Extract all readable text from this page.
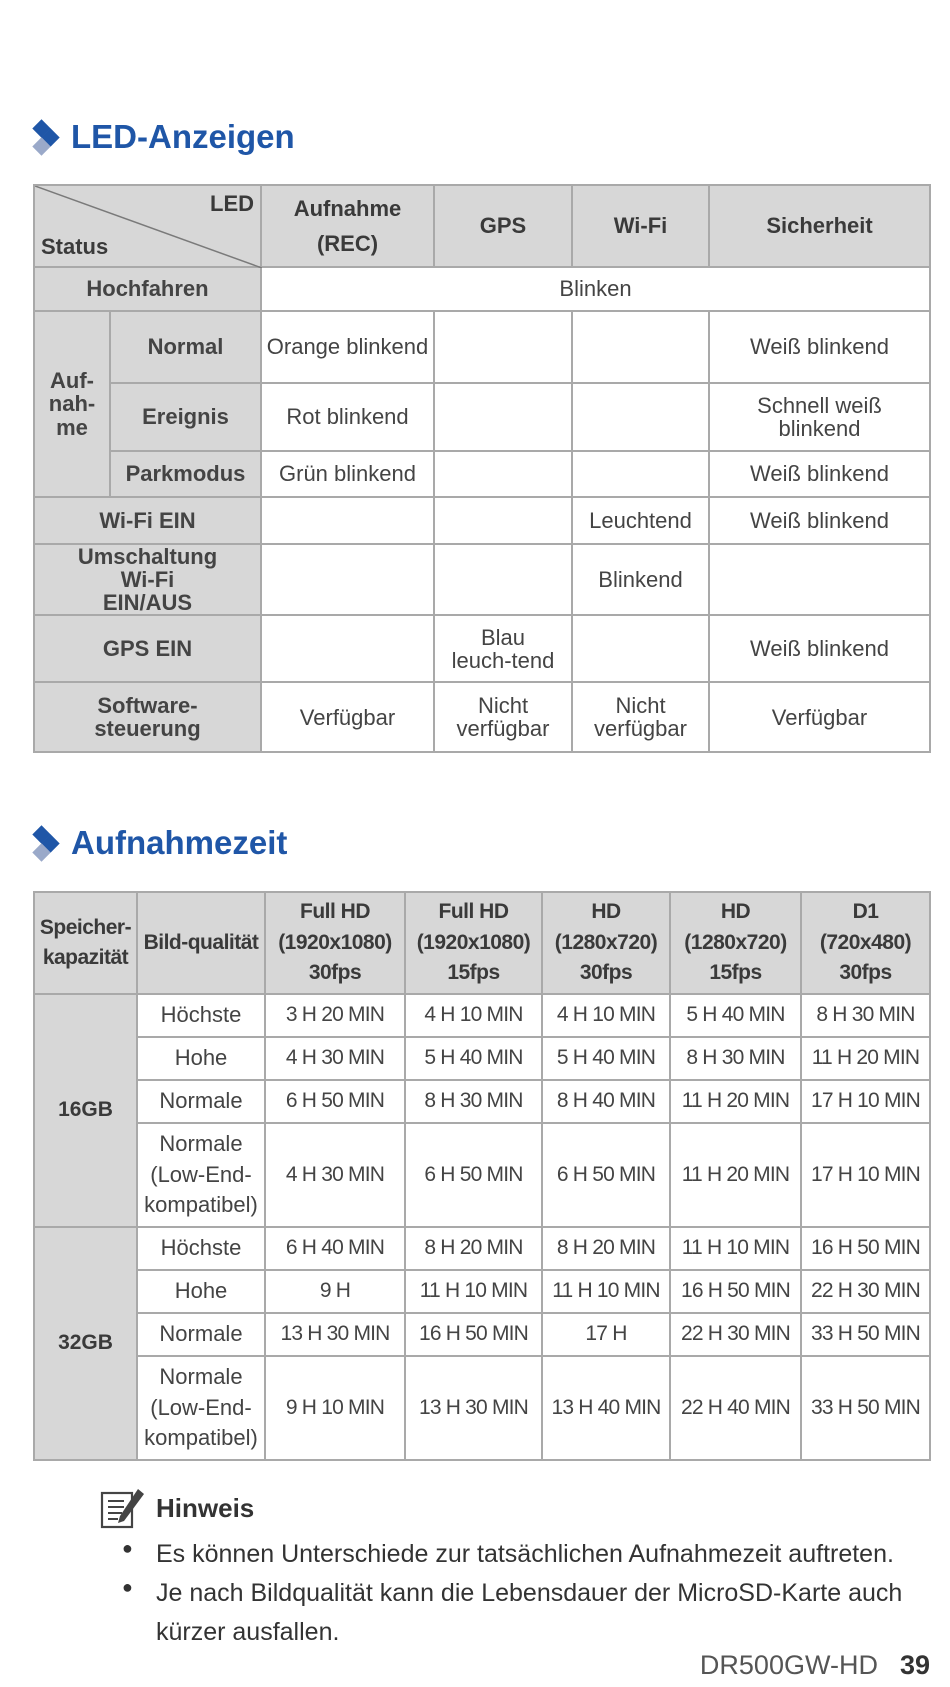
LED-Anzeigen
LED
Status		Aufnahme (REC)	GPS	Wi-Fi	Sicherheit
Hochfahren		Blinken			
Auf-
nah-
me	Normal	Orange blinkend			Weiß blinkend
	Ereignis	Rot blinkend			Schnell weiß blinkend
	Parkmodus	Grün blinkend			Weiß blinkend
Wi-Fi EIN				Leuchtend	Weiß blinkend
Umschaltung Wi-Fi EIN/AUS				Blinkend	
GPS EIN			Blau leuch-tend		Weiß blinkend
Software-steuerung		Verfügbar	Nicht verfügbar	Nicht verfügbar	Verfügbar
Aufnahmezeit
Speicher-kapazität	Bild-qualität	Full HD (1920x1080) 30fps	Full HD (1920x1080) 15fps	HD (1280x720) 30fps	HD (1280x720) 15fps	D1 (720x480) 30fps
16GB	Höchste	3 H 20 MIN	4 H 10 MIN	4 H 10 MIN	5 H 40 MIN	8 H 30 MIN
	Hohe	4 H 30 MIN	5 H 40 MIN	5 H 40 MIN	8 H 30 MIN	11 H 20 MIN
	Normale	6 H 50 MIN	8 H 30 MIN	8 H 40 MIN	11 H 20 MIN	17 H 10 MIN
	Normale (Low-End-kompatibel)	4 H 30 MIN	6 H 50 MIN	6 H 50 MIN	11 H 20 MIN	17 H 10 MIN
32GB	Höchste	6 H 40 MIN	8 H 20 MIN	8 H 20 MIN	11 H 10 MIN	16 H 50 MIN
	Hohe	9 H	11 H 10 MIN	11 H 10 MIN	16 H 50 MIN	22 H 30 MIN
	Normale	13 H 30 MIN	16 H 50 MIN	17 H	22 H 30 MIN	33 H 50 MIN
	Normale (Low-End-kompatibel)	9 H 10 MIN	13 H 30 MIN	13 H 40 MIN	22 H 40 MIN	33 H 50 MIN
Hinweis
● Es können Unterschiede zur tatsächlichen Aufnahmezeit auftreten.
● Je nach Bildqualität kann die Lebensdauer der MicroSD-Karte auch kürzer ausfallen.
DR500GW-HD 39
